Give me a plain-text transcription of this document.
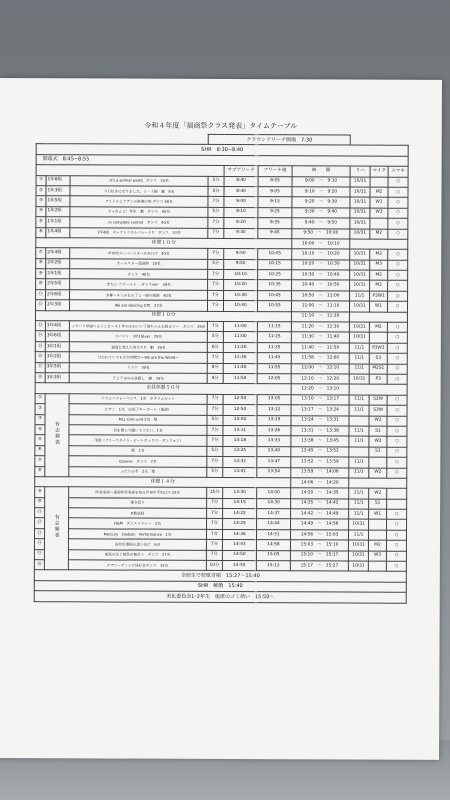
令和４年度「福商祭クラス発表」タイムテーブル
			クラウンアリーナ開場　7:30						
SHR　8:30~8:40									
開幕式　8:45~8:55									
				サブアリーナ	アリーナ袖	時　　間	リハ	マイク	スマホ
①	1年6組	It's a animal world　ダンス　10名	5分	8:40	8:55	9:00　～　9:10	10/31		○
②	1年3組	今日好きになりました。１－３編　劇　9名	5分	8:40	9:05	9:10　～　9:20	10/31	M2	○
③	1年5組	アイドルとラテンの祭典の宴 ダンス 40名	7分	9:00	9:15	9:20　～　9:30	10/31	W1	○
④	1年2組	チャれんじ！年生　劇　ダンス　40名	5分	9:10	9:25	9:30　～　9:40	10/31	W3	○
⑤	1年1組	In complete control　ダンス　40名	7分	9:20	9:35	9:40　～　9:50	10/31		○
⑥	1年4組	1年4組　エレクトリカルパレード!!　ダンス　33名	7分	9:30	9:45	9:50　～　10:00	10/31	M2	○
休憩１０分						10:00　～　10:10			
⑦	2年4組	世界的スーパースターが来日!?　40名	7分	9:50	10:05	10:10　～　10:20	10/31	M2	○
⑧	2年2組	オールスター福商祭　10名	5分	9:50	10:15	10:20　～　10:30	10/31	M3	○
⑨	2年1組	ダンス　40名	7分	10:10	10:25	10:30　～　10:40	10/31	M2	○
⑩	2年5組	全力２-５ワールド　-ダンスver-　39名	7分	10:20	10:35	10:40　～　10:50	10/31	M2	○
⑪	2年6組	争奪～４人の女の子と一緒の旅路　40名	7分	10:30	10:45	10:50　～　11:00	11/1	P3W1	○
⑫	2年3組	We are dancing STE　23名	7分	10:40	10:55	11:00　～　11:10	10/31	W1	○
休憩１０分						11:10　～　11:20			
⑬	3年4組	イケバラ学園へようこそ～４１年のかわいい子達ちゃんを救えて～　ダンス　39名	7分	11:00	11:15	11:20　～　11:30	10/31	M2	○
⑭	3年6組	スパマリ　3年1組ver　29名	5分	11:00	11:25	11:30　～　11:40	10/31		○
⑮	3年1組	福商を変えた男たち!!　劇　39名	6分	11:20	11:35	11:40　～　11:50	11/1	P3W3	○
⑯	3年2組	分かれていてもわが仲間だ～We are the World～	7分	11:30	11:45	11:58　～　12:00	11/1	S3	○
⑰	3年5組	ドスケ　39名	8分	11:40	11:55	12:00　～　12:10	11/1	M2S1	○
⑱	3年3組	千と千尋の小林隠し　劇　39名	9分	11:50	12:05	12:10　～　12:20	10/31	P3	○
お昼休憩５０分						12:20　～　13:10			
①	有志発表	ドラムパフォーマンス　1名　ボテラムセット	7分	12:50	13:05	13:10　～　13:17	11/1	S2W	○
②		ピアノ　1名　出尾子キーボード（電源）	7分	12:50	13:12	13:17　～　13:24	11/1	S3W	○
③		MLL Girls unit 2名　歌	5分	13:00	13:19	13:24　～　13:31		W2	○
④		目を閉じて聴いて下さい。1名	7分	13:11	13:26	13:31　～　13:38	11/1	S1	○
⑤		『BD（フリースタイル・ビートボックス・ダンジョン）	7分	13:18	13:33	13:38　～　13:45	11/1	W2	○
⑥		歌　1名	5分	13:25	13:40	13:45　～　13:52		S1	○
⑦		Queens　ダンス　2名	7分	13:32	13:47	13:52　～　13:59	11/1		○
⑧		ふたりの手　2名　歌	5分	13:41	13:54	13:59　～　14:06	11/1	W2	○
休憩１４分						14:06　～　14:20			
⑨	有志発表	吹奏楽部～福商吹奏楽部を知る世界が平和に!? 25名	15分	13:30	14:00	14:20　～　14:35	11/1	W2	
⑩		弾き語り	7分	14:15	14:30	14:35　～　14:42	11/1	S1	
⑪		R数語師	7分	14:22	14:37	14:42　～　14:49	11/1	W1	○
⑫		H&M　ダンスメドレー　2名	7分	14:29	14:44	14:49　～　14:56	10/31		○
⑬		Mercury　Diabolo　Performance　1名	7分	14:36	14:51	14:56　～　15:03	11/1		○
⑭		高校生漫画の思い出に　6名	7分	14:43	14:58	15:03　～　15:10	10/31	M2	○
⑮		最高の友と最高の舞台へ　ダンス　27名	7分	14:50	15:05	15:10　～　15:17	10/31	W3	○
⑯		チアリーディング同好会ダンス　15名	10分	14:55	15:12	15:17　～　15:27	10/31		○
全校生で校歌斉唱　15:27～15:40									
SHR　解散　15:40									
美化委員会1･2年生　座席のゴミ拾い　15:50～									
